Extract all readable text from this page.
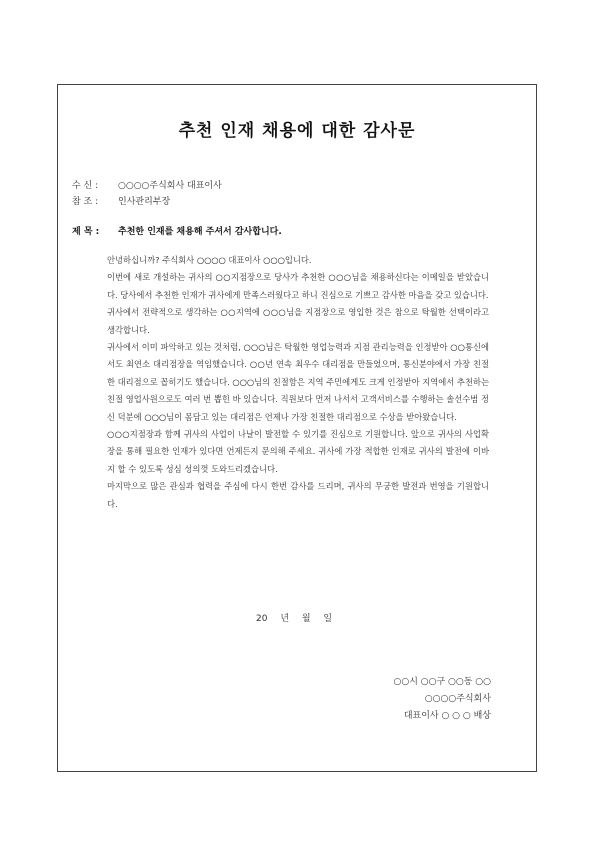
추천 인재 채용에 대한 감사문
수 신 : ○○○○주식회사 대표이사
참 조 : 인사관리부장
제 목 : 추천한 인재를 채용해 주셔서 감사합니다.

안녕하십니까? 주식회사 ○○○○ 대표이사 ○○○입니다.

이번에 새로 개설하는 귀사의 ○○지점장으로 당사가 추천한 ○○○님을 채용하신다는 이메일을 받았습니다. 당사에서 추천한 인재가 귀사에게 만족스러웠다고 하니 진심으로 기쁘고 감사한 마음을 갖고 있습니다.

귀사에서 전략적으로 생각하는 ○○지역에 ○○○님을 지점장으로 영입한 것은 참으로 탁월한 선택이라고 생각합니다.

귀사에서 이미 파악하고 있는 것처럼, ○○○님은 탁월한 영업능력과 지점 관리능력을 인정받아 ○○통신에서도 최연소 대리점장을 역임했습니다. ○○년 연속 최우수 대리점을 만들었으며, 통신분야에서 가장 친절한 대리점으로 꼽히기도 했습니다. ○○○님의 친절함은 지역 주민에게도 크게 인정받아 지역에서 추천하는 친절 영업사원으로도 여러 번 뽑힌 바 있습니다. 직원보다 먼저 나서서 고객서비스를 수행하는 솔선수범 정신 덕분에 ○○○님이 몸담고 있는 대리점은 언제나 가장 친절한 대리점으로 수상을 받아왔습니다.

○○○지점장과 함께 귀사의 사업이 나날이 발전할 수 있기를 진심으로 기원합니다. 앞으로 귀사의 사업확장을 통해 필요한 인재가 있다면 언제든지 문의해 주세요. 귀사에 가장 적합한 인재로 귀사의 발전에 이바지 할 수 있도록 성심 성의껏 도와드리겠습니다.

마지막으로 많은 관심과 협력을 주심에 다시 한번 감사를 드리며, 귀사의 무궁한 발전과 번영을 기원합니다.

20 년 월 일
○○시 ○○구 ○○동 ○○
○○○○주식회사
대표이사 ○ ○ ○ 배상
